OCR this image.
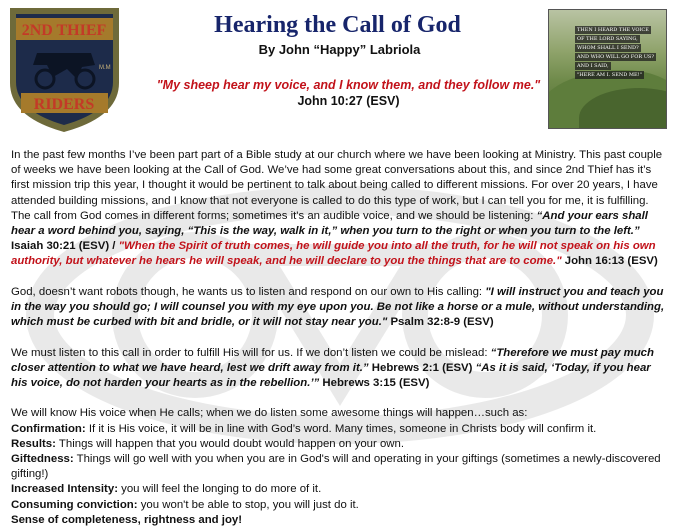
2ND THIEF
M.M
RIDERS
THEN I HEARD THE VOICE
OF THE LORD SAYING,
WHOM SHALL I SEND?
AND WHO WILL GO FOR US?
AND I SAID,
"HERE AM I. SEND ME!"
Hearing the Call of God
By John “Happy” Labriola
"My sheep hear my voice, and I know them, and they follow me."
John 10:27 (ESV)

In the past few months I’ve been part part of a Bible study at our church where we have been looking at Ministry. This past couple of weeks we have been looking at the Call of God. We’ve had some great conversations about this, and since 2nd Thief has it’s first mission trip this year, I thought it would be pertinent to talk about being called to different missions. For over 20 years, I have attended building missions, and I know that not everyone is called to do this type of work, but I can tell you for me, it is fulfilling. The call from God comes in different forms; sometimes it's an audible voice, and we should be listening: “And your ears shall hear a word behind you, saying, “This is the way, walk in it,” when you turn to the right or when you turn to the left.” Isaiah 30:21 (ESV) / "When the Spirit of truth comes, he will guide you into all the truth, for he will not speak on his own authority, but whatever he hears he will speak, and he will declare to you the things that are to come." John 16:13 (ESV)

God, doesn’t want robots though, he wants us to listen and respond on our own to His calling: "I will instruct you and teach you in the way you should go; I will counsel you with my eye upon you. Be not like a horse or a mule, without understanding, which must be curbed with bit and bridle, or it will not stay near you." Psalm 32:8-9 (ESV)

We must listen to this call in order to fulfill His will for us. If we don’t listen we could be mislead: “Therefore we must pay much closer attention to what we have heard, lest we drift away from it.” Hebrews 2:1 (ESV) “As it is said, ‘Today, if you hear his voice, do not harden your hearts as in the rebellion.’” Hebrews 3:15 (ESV)

We will know His voice when He calls; when we do listen some awesome things will happen…such as:

Confirmation: If it is His voice, it will be in line with God’s word. Many times, someone in Christs body will confirm it.

Results: Things will happen that you would doubt would happen on your own.

Giftedness: Things will go well with you when you are in God's will and operating in your giftings (sometimes a newly-discovered gifting!)

Increased Intensity: you will feel the longing to do more of it.

Consuming conviction: you won't be able to stop, you will just do it.

Sense of completeness, rightness and joy!
